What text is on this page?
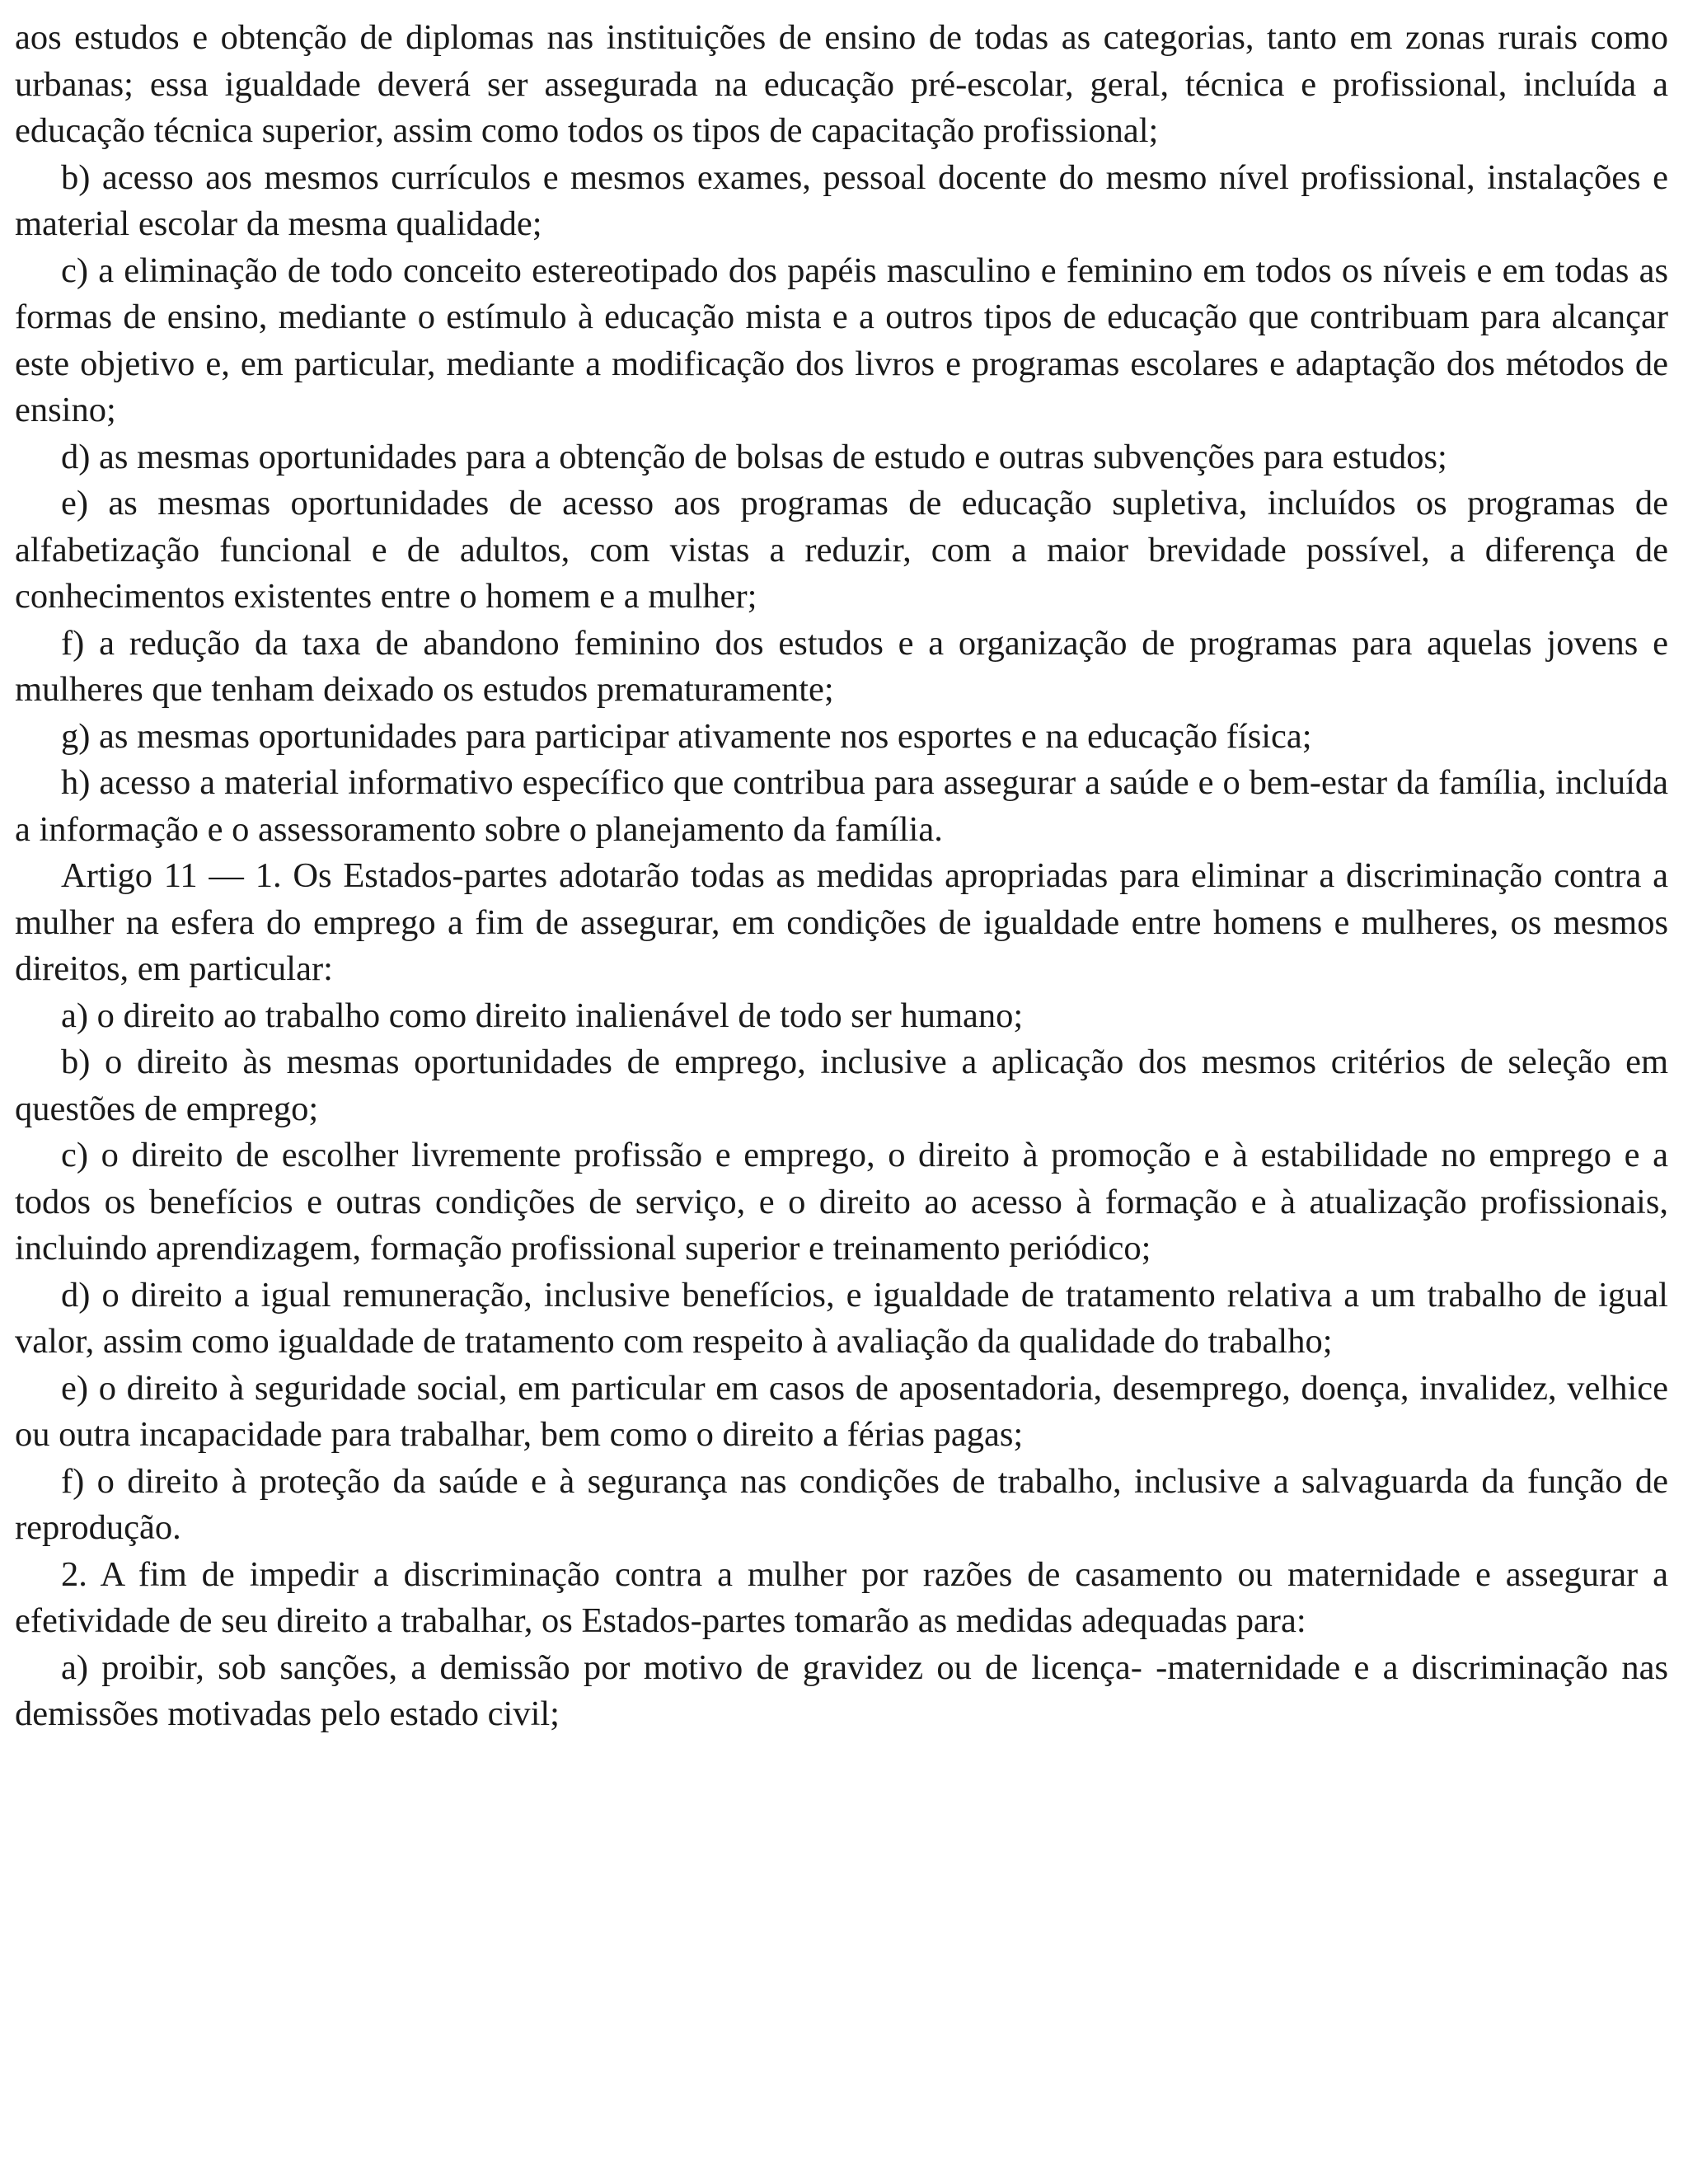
aos estudos e obtenção de diplomas nas instituições de ensino de todas as categorias, tanto em zonas rurais como urbanas; essa igualdade deverá ser assegurada na educação pré-escolar, geral, técnica e profissional, incluída a educação técnica superior, assim como todos os tipos de capacitação profissional;

b) acesso aos mesmos currículos e mesmos exames, pessoal docente do mesmo nível profissional, instalações e material escolar da mesma qualidade;

c) a eliminação de todo conceito estereotipado dos papéis masculino e feminino em todos os níveis e em todas as formas de ensino, mediante o estímulo à educação mista e a outros tipos de educação que contribuam para alcançar este objetivo e, em particular, mediante a modificação dos livros e programas escolares e adaptação dos métodos de ensino;

d) as mesmas oportunidades para a obtenção de bolsas de estudo e outras subvenções para estudos;

e) as mesmas oportunidades de acesso aos programas de educação supletiva, incluídos os programas de alfabetização funcional e de adultos, com vistas a reduzir, com a maior brevidade possível, a diferença de conhecimentos existentes entre o homem e a mulher;

f) a redução da taxa de abandono feminino dos estudos e a organização de programas para aquelas jovens e mulheres que tenham deixado os estudos prematuramente;

g) as mesmas oportunidades para participar ativamente nos esportes e na educação física;

h) acesso a material informativo específico que contribua para assegurar a saúde e o bem-estar da família, incluída a informação e o assessoramento sobre o planejamento da família.

Artigo 11 — 1. Os Estados-partes adotarão todas as medidas apropriadas para eliminar a discriminação contra a mulher na esfera do emprego a fim de assegurar, em condições de igualdade entre homens e mulheres, os mesmos direitos, em particular:

a) o direito ao trabalho como direito inalienável de todo ser humano;

b) o direito às mesmas oportunidades de emprego, inclusive a aplicação dos mesmos critérios de seleção em questões de emprego;

c) o direito de escolher livremente profissão e emprego, o direito à promoção e à estabilidade no emprego e a todos os benefícios e outras condições de serviço, e o direito ao acesso à formação e à atualização profissionais, incluindo aprendizagem, formação profissional superior e treinamento periódico;

d) o direito a igual remuneração, inclusive benefícios, e igualdade de tratamento relativa a um trabalho de igual valor, assim como igualdade de tratamento com respeito à avaliação da qualidade do trabalho;

e) o direito à seguridade social, em particular em casos de aposentadoria, desemprego, doença, invalidez, velhice ou outra incapacidade para trabalhar, bem como o direito a férias pagas;

f) o direito à proteção da saúde e à segurança nas condições de trabalho, inclusive a salvaguarda da função de reprodução.

2. A fim de impedir a discriminação contra a mulher por razões de casamento ou maternidade e assegurar a efetividade de seu direito a trabalhar, os Estados-partes tomarão as medidas adequadas para:

a) proibir, sob sanções, a demissão por motivo de gravidez ou de licença- -maternidade e a discriminação nas demissões motivadas pelo estado civil;
